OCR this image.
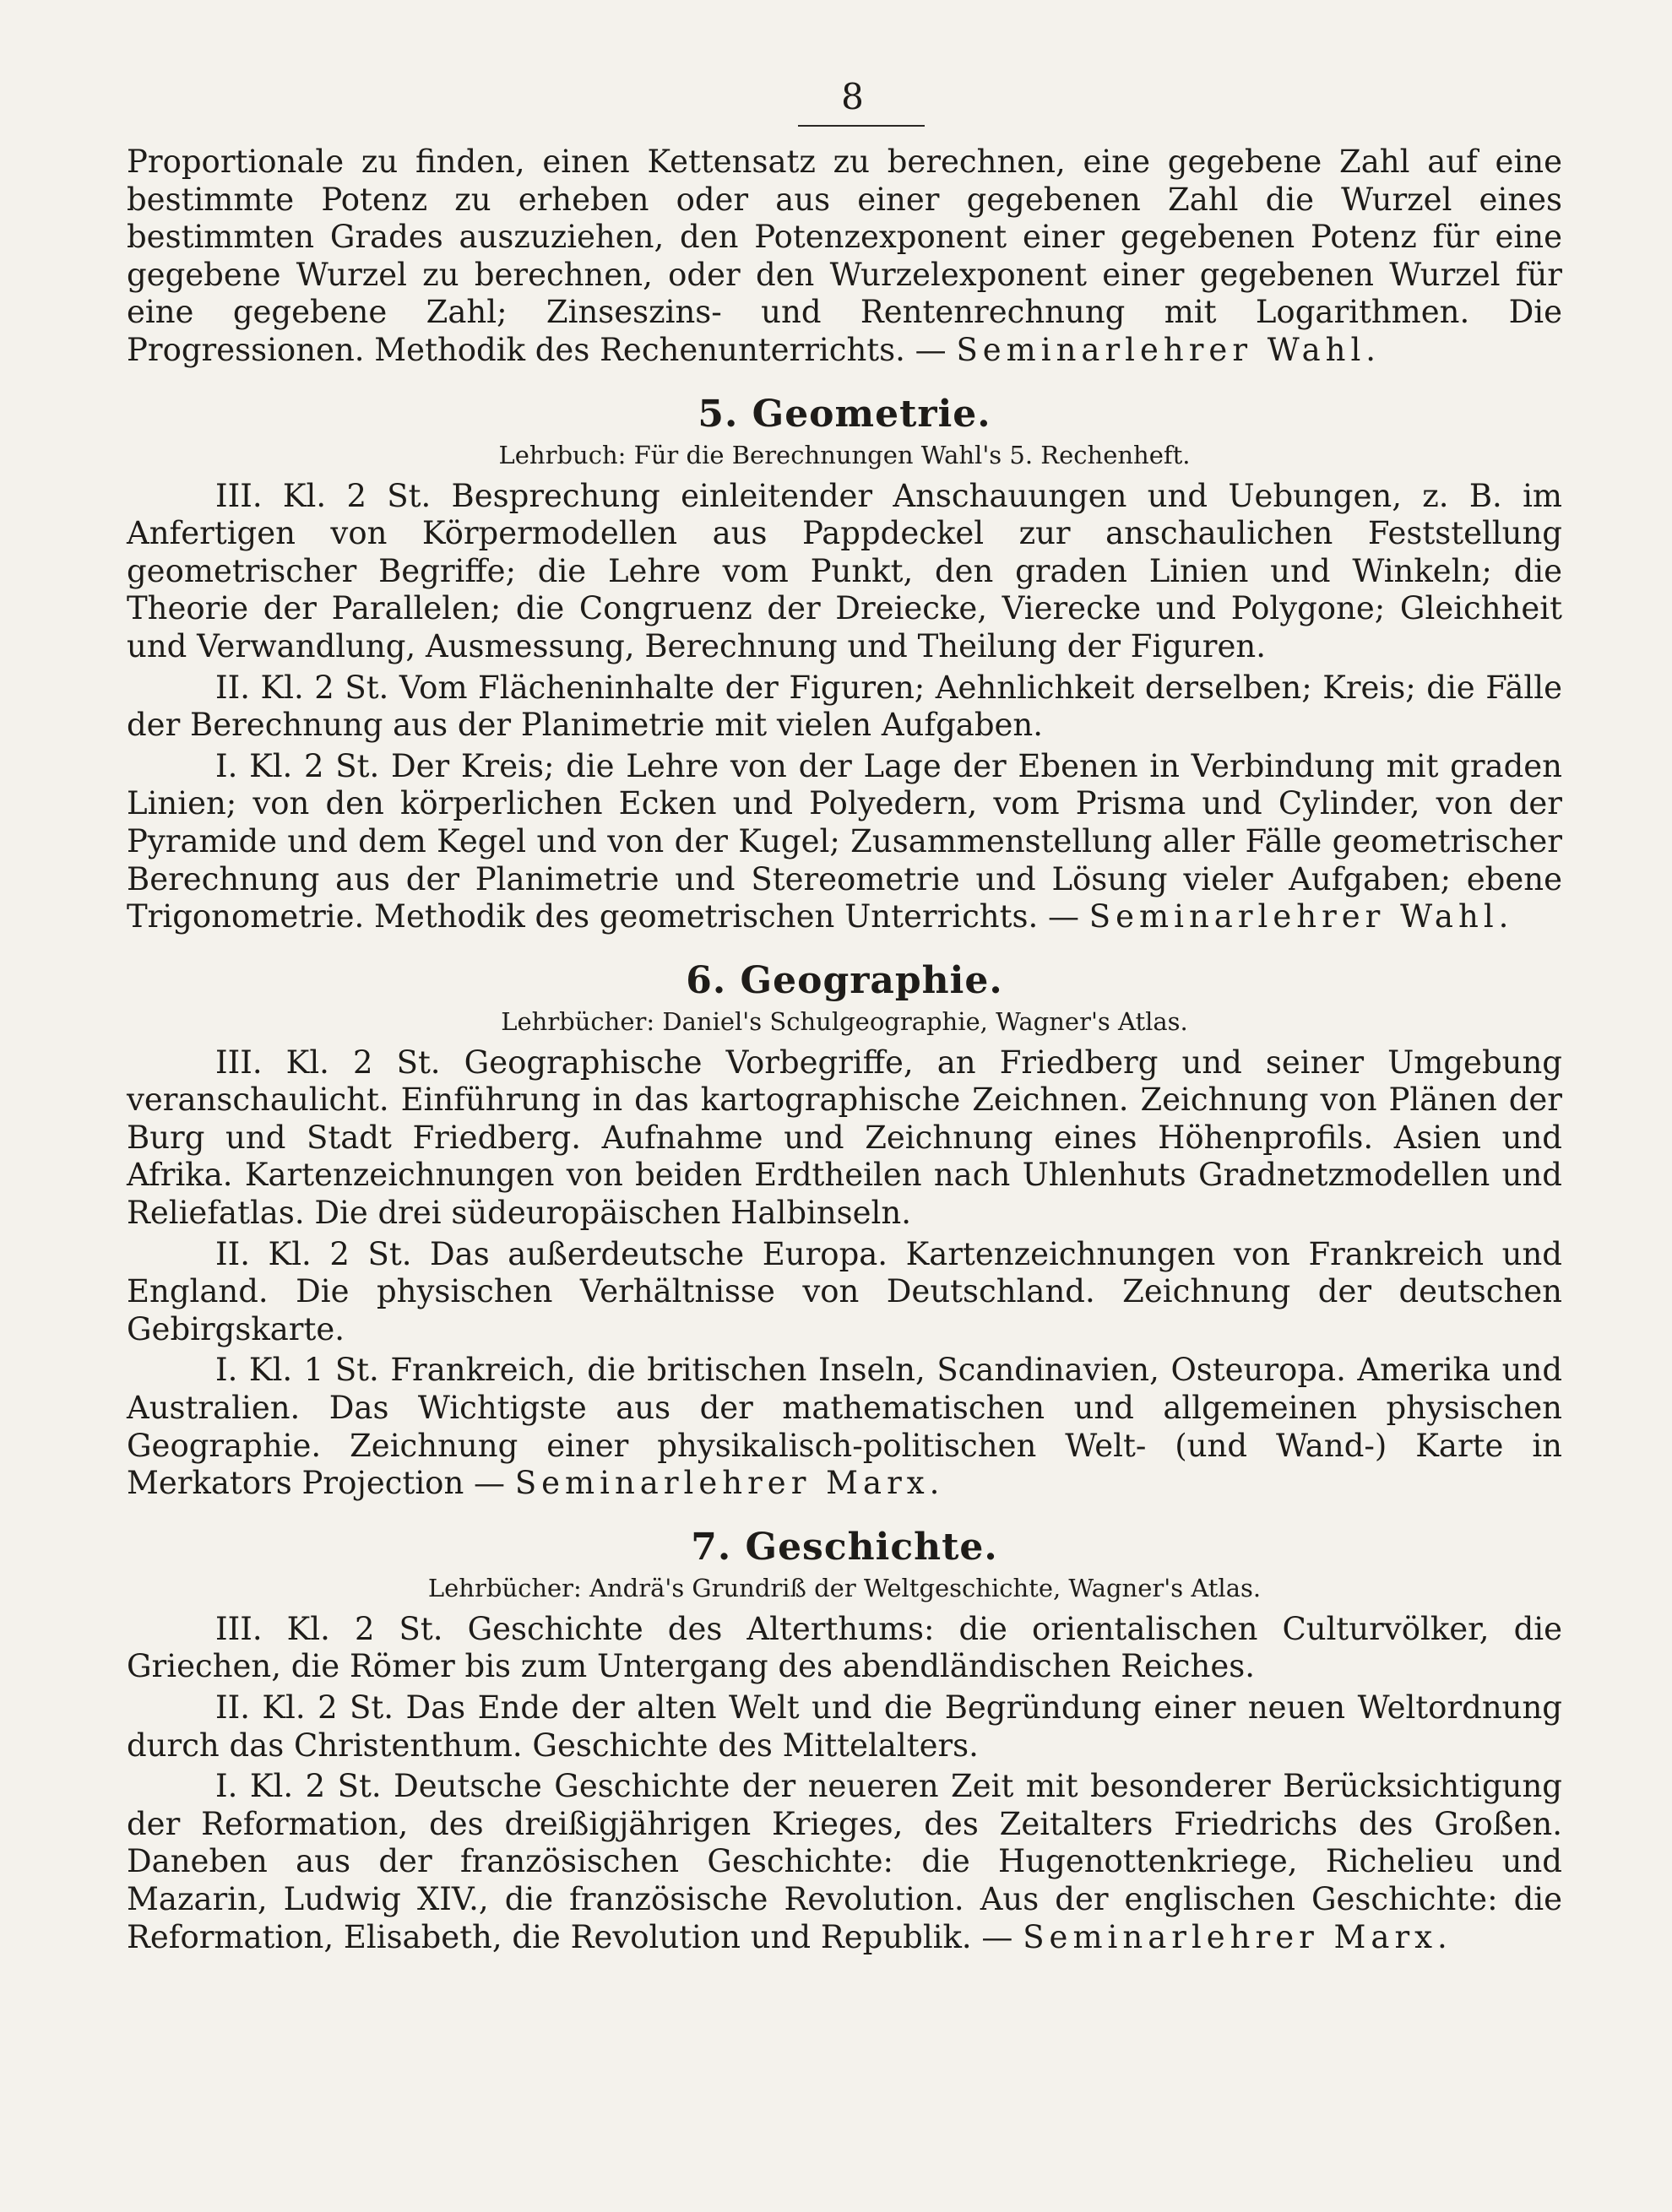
8

Proportionale zu finden, einen Kettensatz zu berechnen, eine gegebene Zahl auf eine bestimmte Potenz zu erheben oder aus einer gegebenen Zahl die Wurzel eines bestimmten Grades auszuziehen, den Potenzexponent einer gegebenen Potenz für eine gegebene Wurzel zu berechnen, oder den Wurzelexponent einer gegebenen Wurzel für eine gegebene Zahl; Zinseszins- und Rentenrechnung mit Logarithmen. Die Progressionen. Methodik des Rechenunterrichts. — Seminarlehrer Wahl.

5. Geometrie.

Lehrbuch: Für die Berechnungen Wahl's 5. Rechenheft.

III. Kl. 2 St. Besprechung einleitender Anschauungen und Uebungen, z. B. im Anfertigen von Körpermodellen aus Pappdeckel zur anschaulichen Feststellung geometrischer Begriffe; die Lehre vom Punkt, den graden Linien und Winkeln; die Theorie der Parallelen; die Congruenz der Dreiecke, Vierecke und Polygone; Gleichheit und Verwandlung, Ausmessung, Berechnung und Theilung der Figuren.

II. Kl. 2 St. Vom Flächeninhalte der Figuren; Aehnlichkeit derselben; Kreis; die Fälle der Berechnung aus der Planimetrie mit vielen Aufgaben.

I. Kl. 2 St. Der Kreis; die Lehre von der Lage der Ebenen in Verbindung mit graden Linien; von den körperlichen Ecken und Polyedern, vom Prisma und Cylinder, von der Pyramide und dem Kegel und von der Kugel; Zusammenstellung aller Fälle geometrischer Berechnung aus der Planimetrie und Stereometrie und Lösung vieler Aufgaben; ebene Trigonometrie. Methodik des geometrischen Unterrichts. — Seminarlehrer Wahl.

6. Geographie.

Lehrbücher: Daniel's Schulgeographie, Wagner's Atlas.

III. Kl. 2 St. Geographische Vorbegriffe, an Friedberg und seiner Umgebung veranschaulicht. Einführung in das kartographische Zeichnen. Zeichnung von Plänen der Burg und Stadt Friedberg. Aufnahme und Zeichnung eines Höhenprofils. Asien und Afrika. Kartenzeichnungen von beiden Erdtheilen nach Uhlenhuts Gradnetzmodellen und Reliefatlas. Die drei südeuropäischen Halbinseln.

II. Kl. 2 St. Das außerdeutsche Europa. Kartenzeichnungen von Frankreich und England. Die physischen Verhältnisse von Deutschland. Zeichnung der deutschen Gebirgskarte.

I. Kl. 1 St. Frankreich, die britischen Inseln, Scandinavien, Osteuropa. Amerika und Australien. Das Wichtigste aus der mathematischen und allgemeinen physischen Geographie. Zeichnung einer physikalisch-politischen Welt- (und Wand-) Karte in Merkators Projection — Seminarlehrer Marx.

7. Geschichte.

Lehrbücher: Andrä's Grundriß der Weltgeschichte, Wagner's Atlas.

III. Kl. 2 St. Geschichte des Alterthums: die orientalischen Culturvölker, die Griechen, die Römer bis zum Untergang des abendländischen Reiches.

II. Kl. 2 St. Das Ende der alten Welt und die Begründung einer neuen Weltordnung durch das Christenthum. Geschichte des Mittelalters.

I. Kl. 2 St. Deutsche Geschichte der neueren Zeit mit besonderer Berücksichtigung der Reformation, des dreißigjährigen Krieges, des Zeitalters Friedrichs des Großen. Daneben aus der französischen Geschichte: die Hugenottenkriege, Richelieu und Mazarin, Ludwig XIV., die französische Revolution. Aus der englischen Geschichte: die Reformation, Elisabeth, die Revolution und Republik. — Seminarlehrer Marx.
